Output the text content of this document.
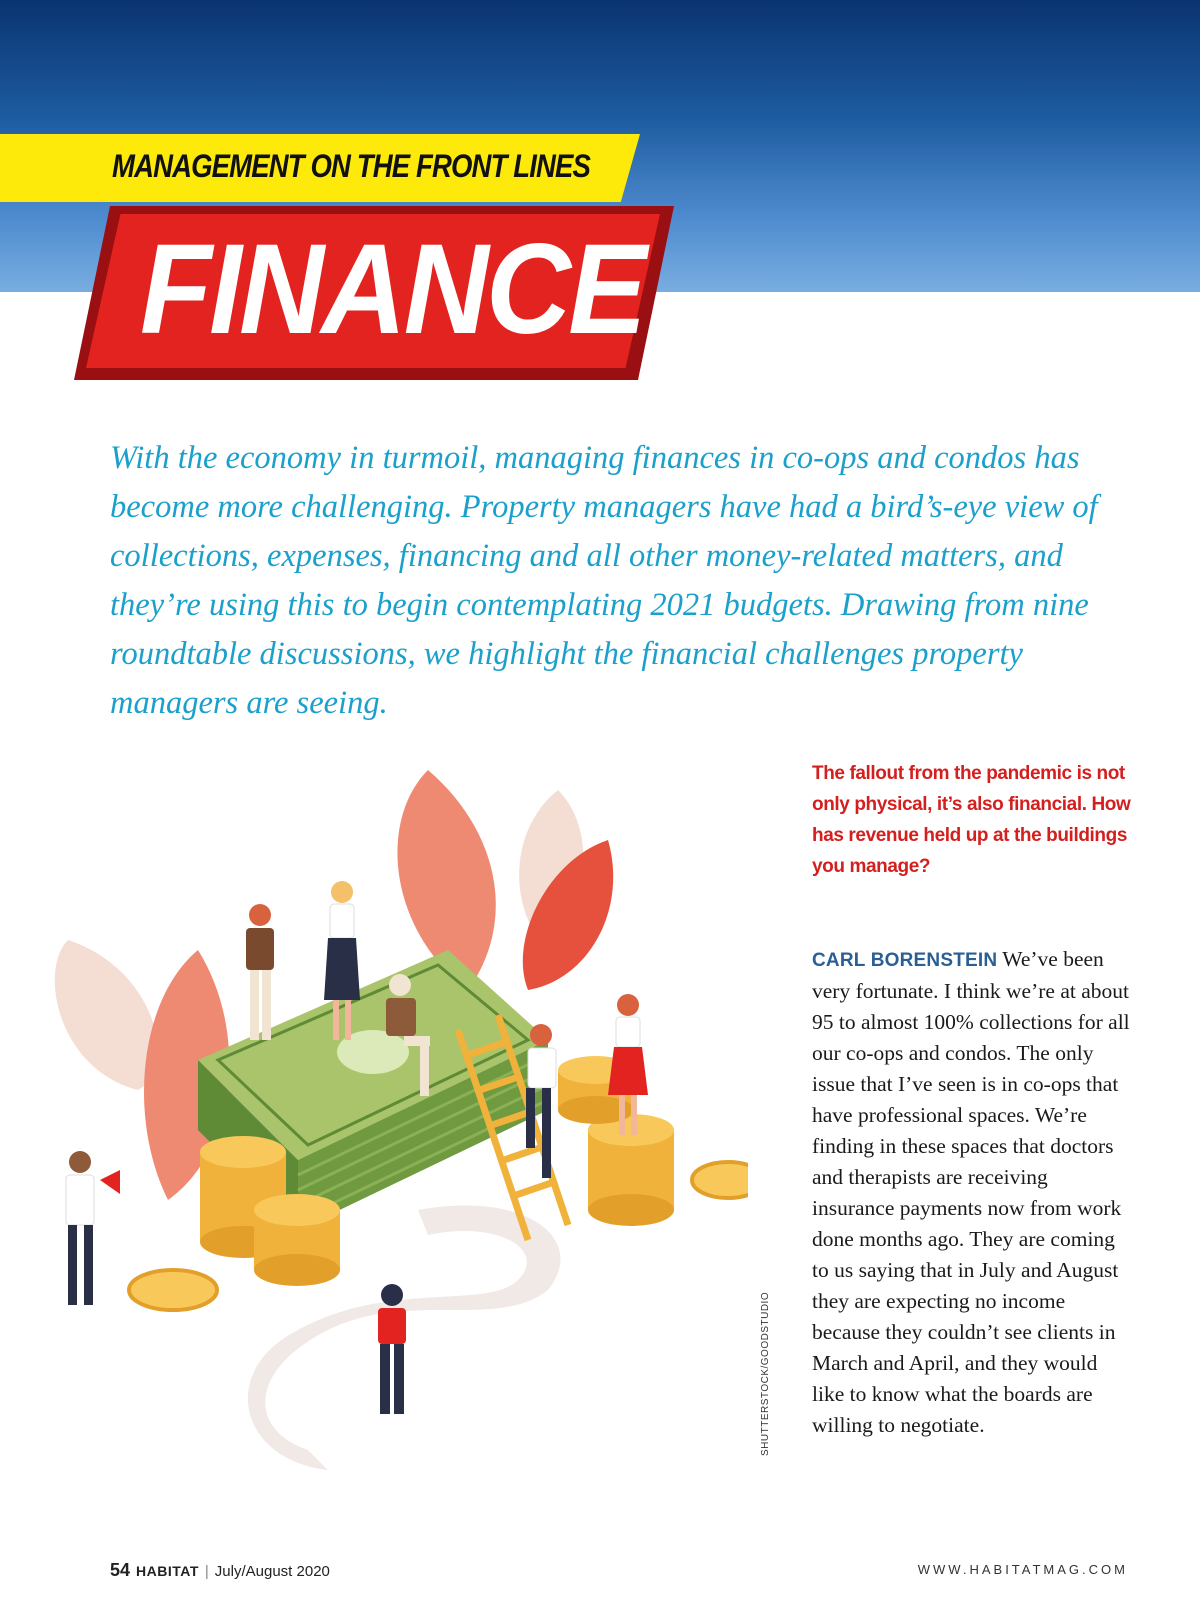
MANAGEMENT ON THE FRONT LINES
FINANCE

With the economy in turmoil, managing finances in co-ops and condos has become more challenging. Property managers have had a bird’s-eye view of collections, expenses, financing and all other money-related matters, and they’re using this to begin contemplating 2021 budgets. Drawing from nine roundtable discussions, we highlight the financial challenges property managers are seeing.

The fallout from the pandemic is not only physical, it’s also financial. How has revenue held up at the buildings you manage?

CARL BORENSTEIN We’ve been very fortunate. I think we’re at about 95 to almost 100% collections for all our co-ops and condos. The only issue that I’ve seen is in co-ops that have professional spaces. We’re finding in these spaces that doctors and therapists are receiving insurance payments now from work done months ago. They are coming to us saying that in July and August they are expecting no income because they couldn’t see clients in March and April, and they would like to know what the boards are willing to negotiate.

SHUTTERSTOCK/GOODSTUDIO
54 HABITAT | July/August 2020	WWW.HABITATMAG.COM
